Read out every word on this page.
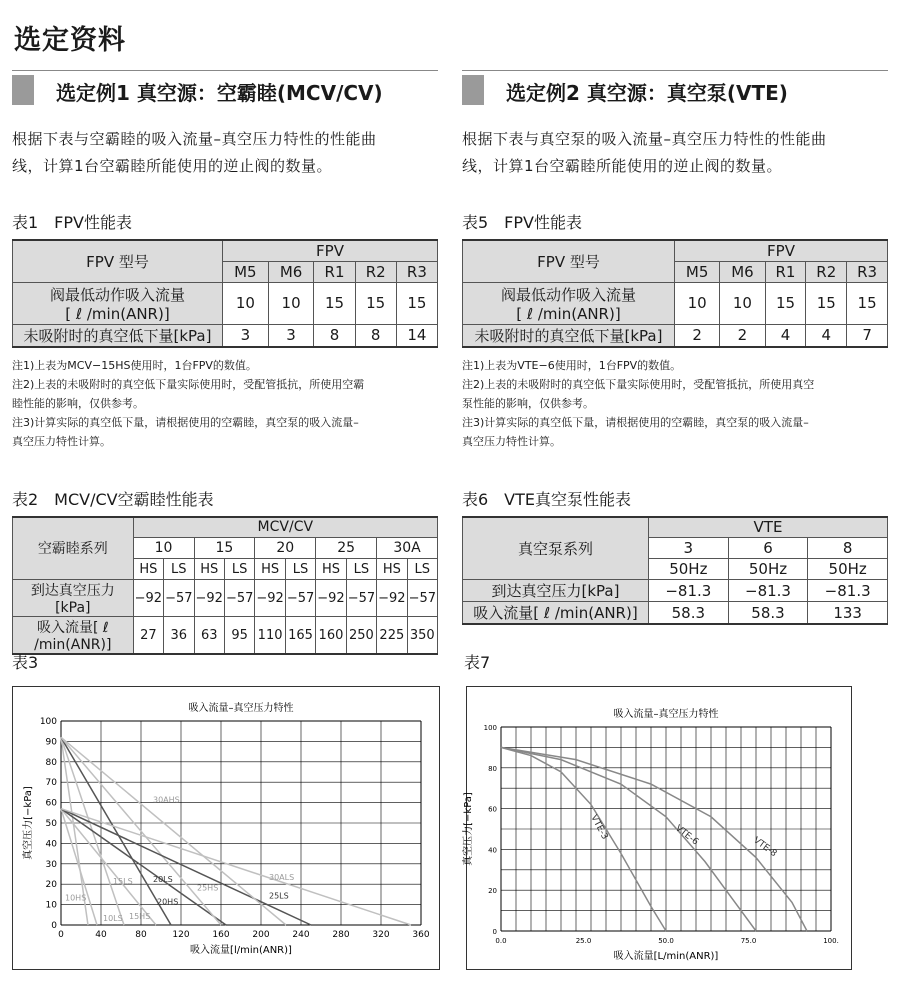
选定资料
选定例1 真空源：空霸睦(MCV/CV)
根据下表与空霸睦的吸入流量–真空压力特性的性能曲
线，计算1台空霸睦所能使用的逆止阀的数量。
表1　FPV性能表
FPV 型号	FPV				
	M5	M6	R1	R2	R3

阀最低动作吸入流量
[ ℓ /min(ANR)]	10	10	15	15	15
未吸附时的真空低下量[kPa]	3	3	8	8	14
注1)上表为MCV−15HS使用时，1台FPV的数值。
注2)上表的未吸附时的真空低下量实际使用时，受配管抵抗，所使用空霸
睦性能的影响，仅供参考。
注3)计算实际的真空低下量，请根据使用的空霸睦，真空泵的吸入流量–
真空压力特性计算。
表2　MCV/CV空霸睦性能表
空霸睦系列	MCV/CV									
	10		15		20		25		30A	
	HS	LS	HS	LS	HS	LS	HS	LS	HS	LS
到达真空压力[kPa]	−92	−57	−92	−57	−92	−57	−92	−57	−92	−57
吸入流量[ ℓ /min(ANR)]	27	36	63	95	110	165	160	250	225	350
选定例2 真空源：真空泵(VTE)
根据下表与真空泵的吸入流量–真空压力特性的性能曲
线，计算1台空霸睦所能使用的逆止阀的数量。
表5　FPV性能表
FPV 型号	FPV				
	M5	M6	R1	R2	R3

阀最低动作吸入流量
[ ℓ /min(ANR)]	10	10	15	15	15
未吸附时的真空低下量[kPa]	2	2	4	4	7
注1)上表为VTE−6使用时，1台FPV的数值。
注2)上表的未吸附时的真空低下量实际使用时，受配管抵抗，所使用真空
泵性能的影响，仅供参考。
注3)计算实际的真空低下量，请根据使用的空霸睦，真空泵的吸入流量–
真空压力特性计算。
表6　VTE真空泵性能表
真空泵系列	VTE		
	3	6	8
	50Hz	50Hz	50Hz
到达真空压力[kPa]	−81.3	−81.3	−81.3
吸入流量[ ℓ /min(ANR)]	58.3	58.3	133
表3	表7
吸入流量–真空压力特性
0	40	80	120	160	200	240	280	320	360
0
10
20
30
40
50
60
70
80
90
100
吸入流量[l/min(ANR)]
真空压力[−kPa]
10HS
10LS 15HS
15LS
20HS
20LS
25HS
25LS
30AHS
30ALS
吸入流量–真空压力特性
0.0	25.0	50.0	75.0	100.
0
20
40
60
80
100
吸入流量[L/min(ANR)]
真空压力[−kPa]	VTE-3	VTE-6	VTE-8
